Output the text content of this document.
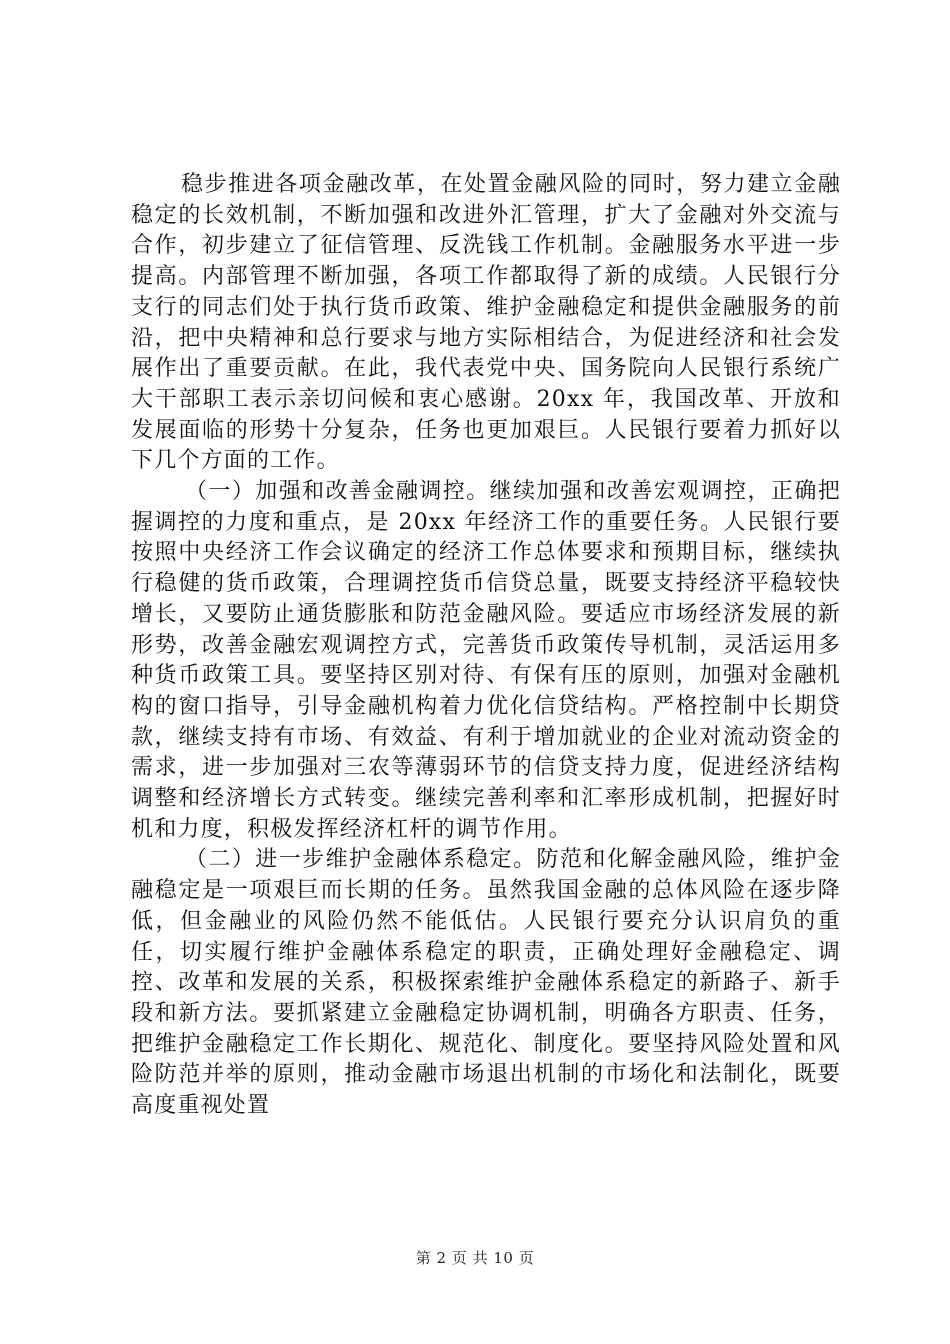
稳步推进各项金融改革，在处置金融风险的同时，努力建立金融稳定的长效机制，不断加强和改进外汇管理，扩大了金融对外交流与合作，初步建立了征信管理、反洗钱工作机制。金融服务水平进一步提高。内部管理不断加强，各项工作都取得了新的成绩。人民银行分支行的同志们处于执行货币政策、维护金融稳定和提供金融服务的前沿，把中央精神和总行要求与地方实际相结合，为促进经济和社会发展作出了重要贡献。在此，我代表党中央、国务院向人民银行系统广大干部职工表示亲切问候和衷心感谢。20xx 年，我国改革、开放和发展面临的形势十分复杂，任务也更加艰巨。人民银行要着力抓好以下几个方面的工作。

（一）加强和改善金融调控。继续加强和改善宏观调控，正确把握调控的力度和重点，是 20xx 年经济工作的重要任务。人民银行要按照中央经济工作会议确定的经济工作总体要求和预期目标，继续执行稳健的货币政策，合理调控货币信贷总量，既要支持经济平稳较快增长，又要防止通货膨胀和防范金融风险。要适应市场经济发展的新形势，改善金融宏观调控方式，完善货币政策传导机制，灵活运用多种货币政策工具。要坚持区别对待、有保有压的原则，加强对金融机构的窗口指导，引导金融机构着力优化信贷结构。严格控制中长期贷款，继续支持有市场、有效益、有利于增加就业的企业对流动资金的需求，进一步加强对三农等薄弱环节的信贷支持力度，促进经济结构调整和经济增长方式转变。继续完善利率和汇率形成机制，把握好时机和力度，积极发挥经济杠杆的调节作用。

（二）进一步维护金融体系稳定。防范和化解金融风险，维护金融稳定是一项艰巨而长期的任务。虽然我国金融的总体风险在逐步降低，但金融业的风险仍然不能低估。人民银行要充分认识肩负的重任，切实履行维护金融体系稳定的职责，正确处理好金融稳定、调控、改革和发展的关系，积极探索维护金融体系稳定的新路子、新手段和新方法。要抓紧建立金融稳定协调机制，明确各方职责、任务，把维护金融稳定工作长期化、规范化、制度化。要坚持风险处置和风险防范并举的原则，推动金融市场退出机制的市场化和法制化，既要高度重视处置

第 2 页 共 10 页
